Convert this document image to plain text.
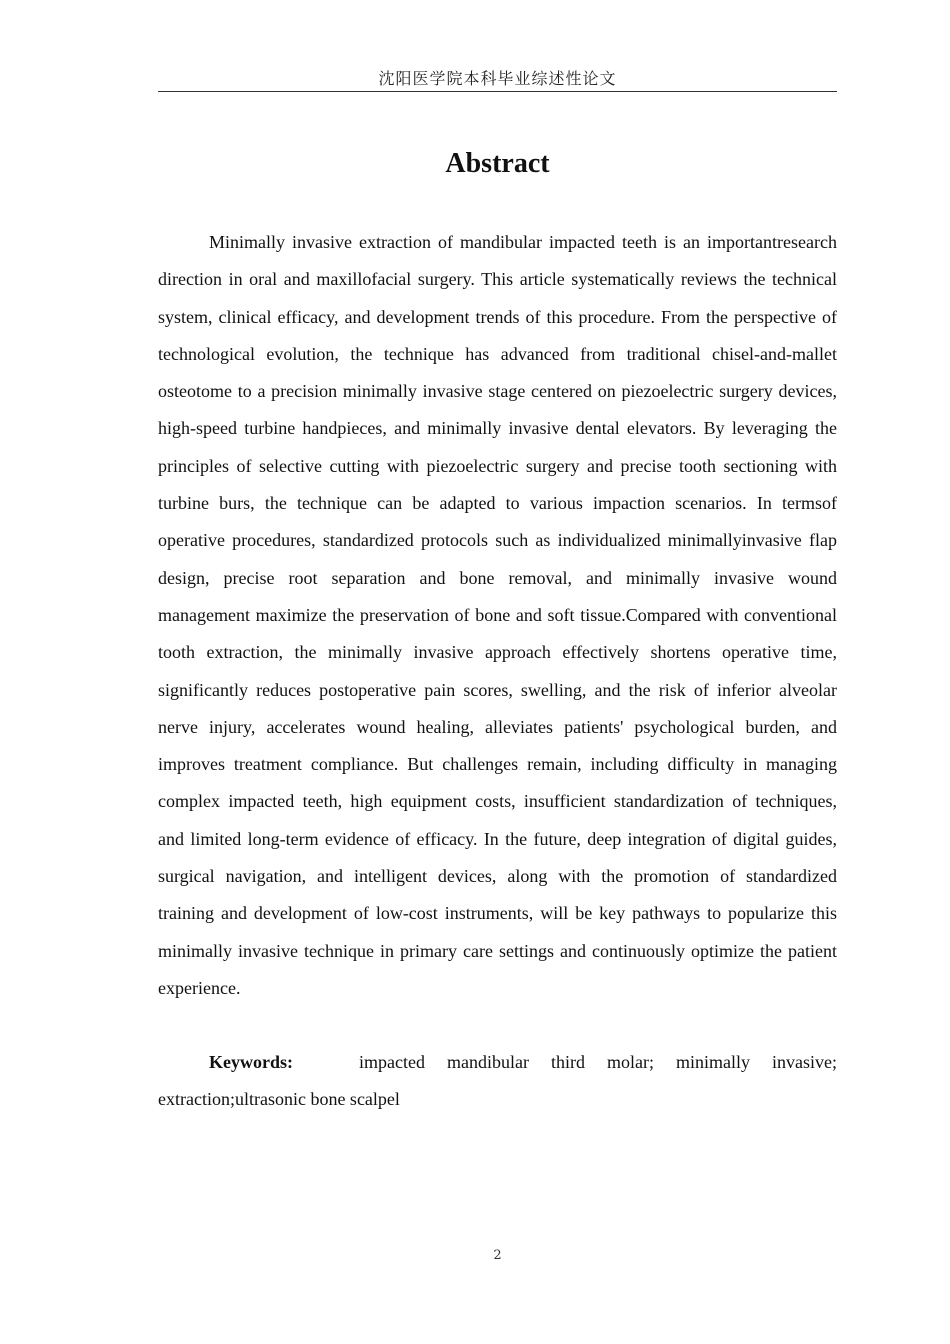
沈阳医学院本科毕业综述性论文
Abstract

Minimally invasive extraction of mandibular impacted teeth is an importantresearch direction in oral and maxillofacial surgery. This article systematically reviews the technical system, clinical efficacy, and development trends of this procedure. From the perspective of technological evolution, the technique has advanced from traditional chisel-and-mallet osteotome to a precision minimally invasive stage centered on piezoelectric surgery devices, high-speed turbine handpieces, and minimally invasive dental elevators. By leveraging the principles of selective cutting with piezoelectric surgery and precise tooth sectioning with turbine burs, the technique can be adapted to various impaction scenarios. In termsof operative procedures, standardized protocols such as individualized minimallyinvasive flap design, precise root separation and bone removal, and minimally invasive wound management maximize the preservation of bone and soft tissue.Compared with conventional tooth extraction, the minimally invasive approach effectively shortens operative time, significantly reduces postoperative pain scores, swelling, and the risk of inferior alveolar nerve injury, accelerates wound healing, alleviates patients' psychological burden, and improves treatment compliance. But challenges remain, including difficulty in managing complex impacted teeth, high equipment costs, insufficient standardization of techniques, and limited long-term evidence of efficacy. In the future, deep integration of digital guides, surgical navigation, and intelligent devices, along with the promotion of standardized training and development of low-cost instruments, will be key pathways to popularize this minimally invasive technique in primary care settings and continuously optimize the patient experience.

Keywords:	impacted mandibular third molar; minimally invasive; extraction;ultrasonic bone scalpel

2
